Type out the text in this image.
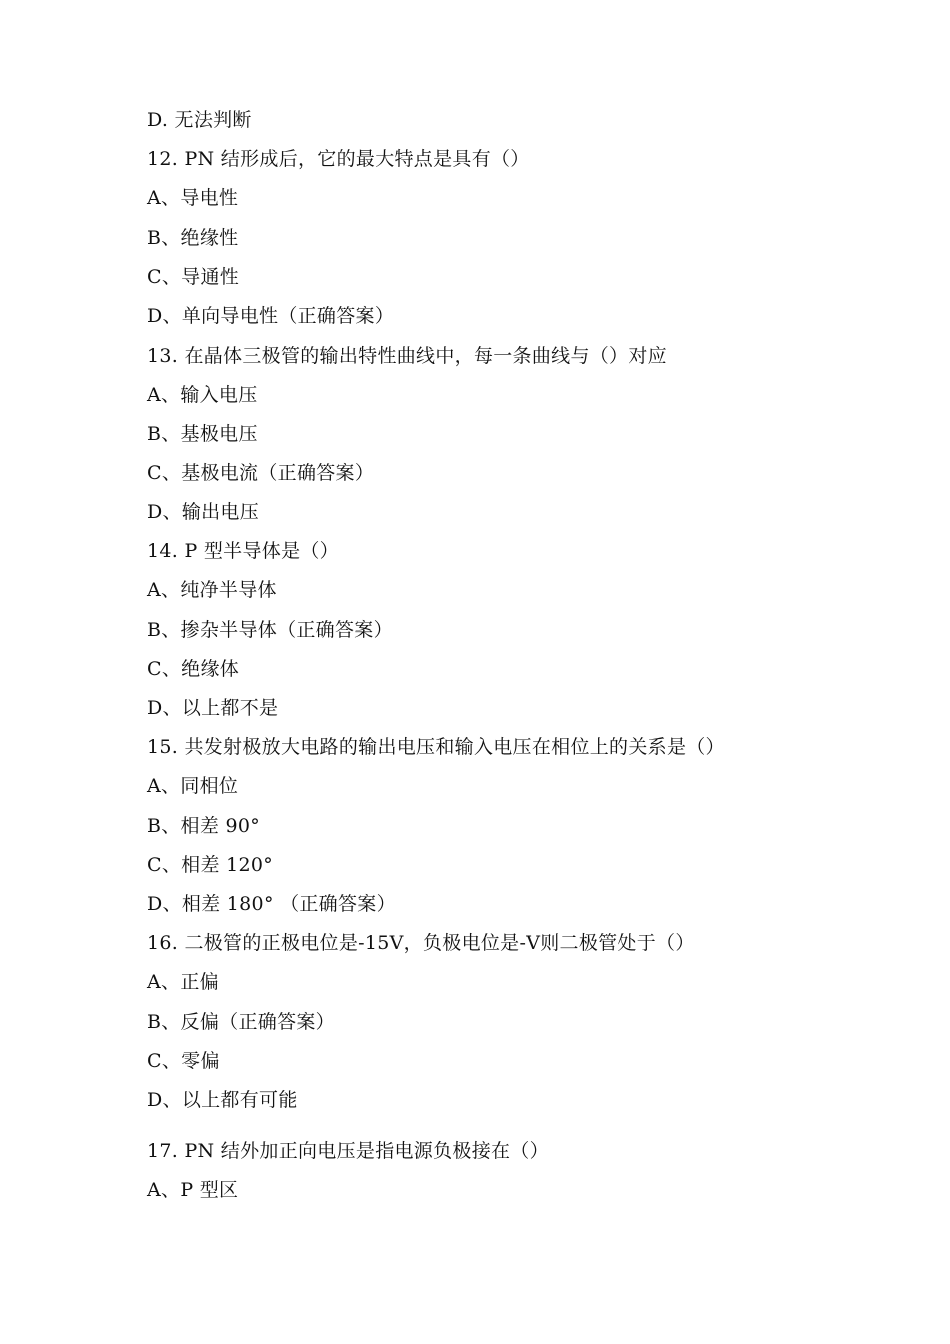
D. 无法判断
12. PN 结形成后，它的最大特点是具有（）
A、导电性
B、绝缘性
C、导通性
D、单向导电性（正确答案）
13. 在晶体三极管的输出特性曲线中，每一条曲线与（）对应
A、输入电压
B、基极电压
C、基极电流（正确答案）
D、输出电压
14. P 型半导体是（）
A、纯净半导体
B、掺杂半导体（正确答案）
C、绝缘体
D、以上都不是
15. 共发射极放大电路的输出电压和输入电压在相位上的关系是（）
A、同相位
B、相差 90°
C、相差 120°
D、相差 180° （正确答案）
16. 二极管的正极电位是-15V，负极电位是-V则二极管处于（）
A、正偏
B、反偏（正确答案）
C、零偏
D、以上都有可能
17. PN 结外加正向电压是指电源负极接在（）
A、P 型区
